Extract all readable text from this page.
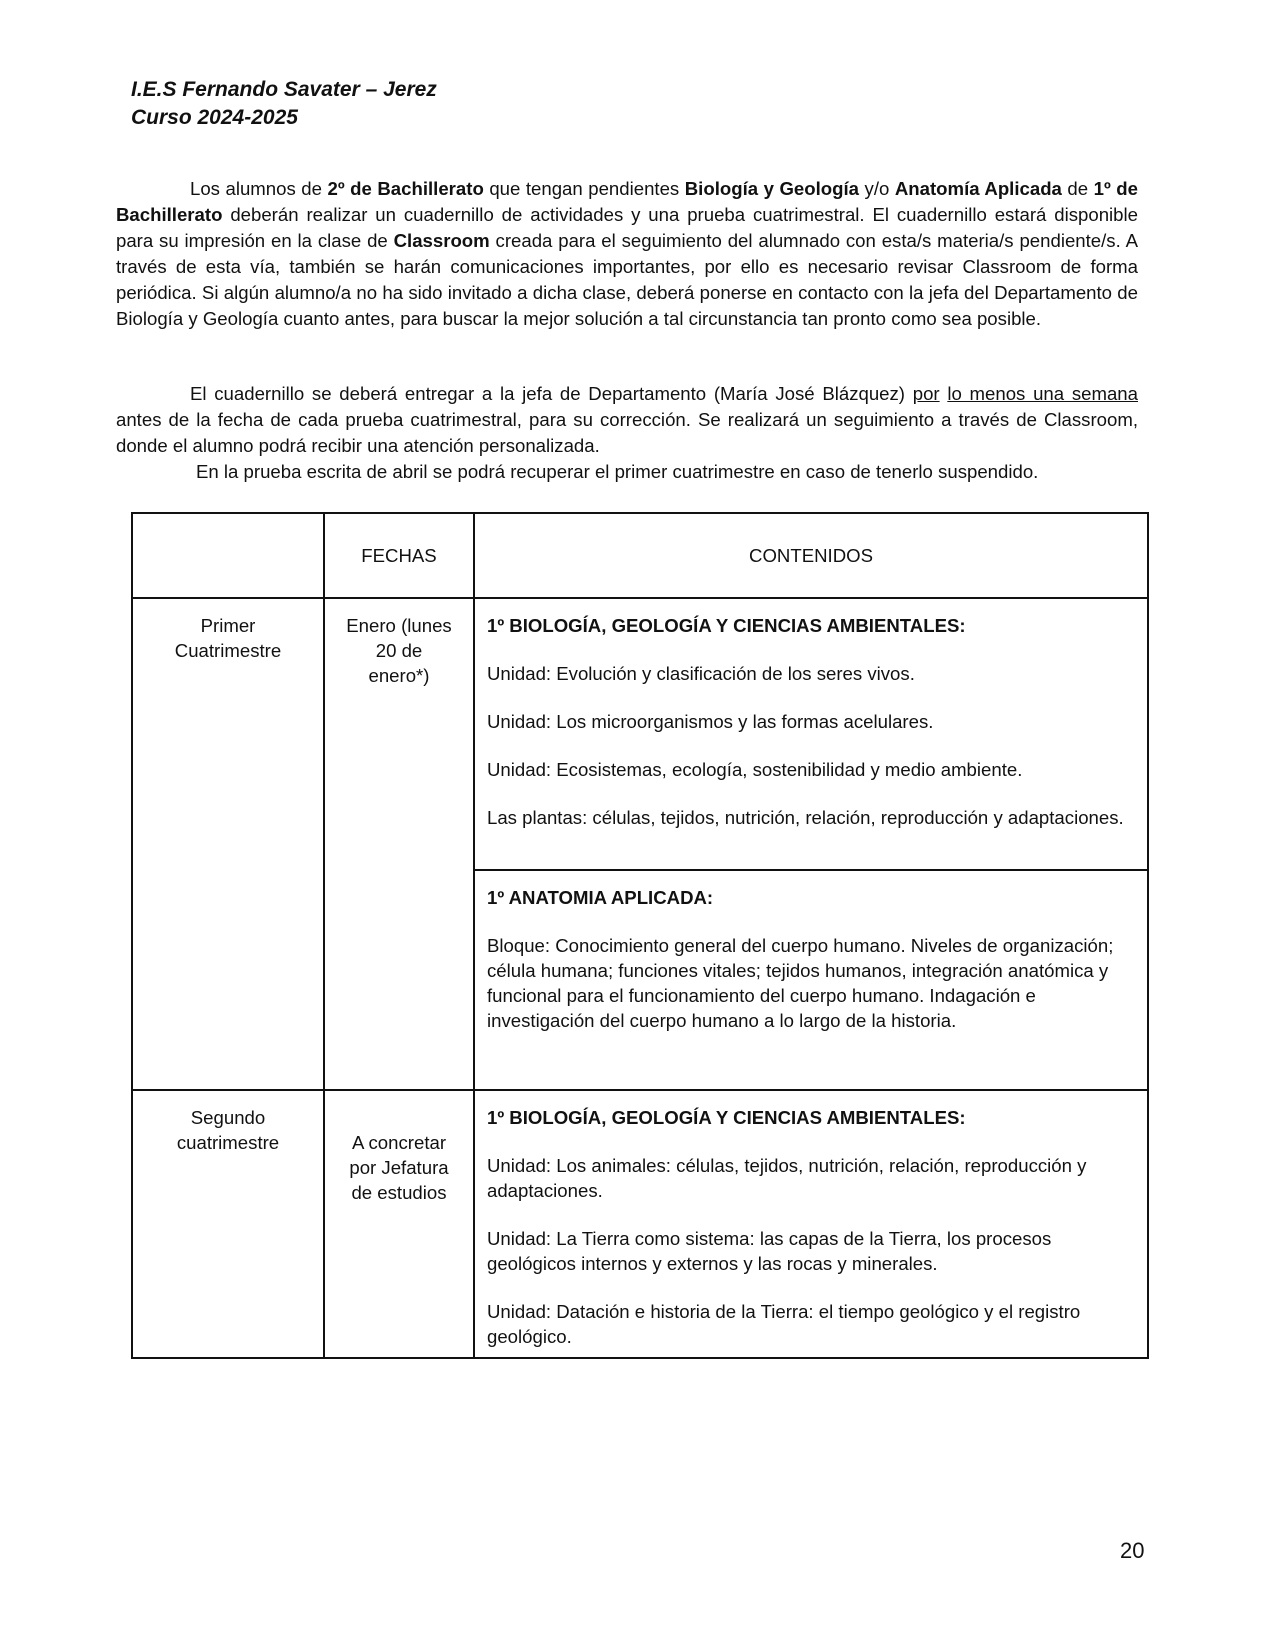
I.E.S Fernando Savater – Jerez
Curso 2024-2025
Los alumnos de 2º de Bachillerato que tengan pendientes Biología y Geología y/o Anatomía Aplicada de 1º de Bachillerato deberán realizar un cuadernillo de actividades y una prueba cuatrimestral. El cuadernillo estará disponible para su impresión en la clase de Classroom creada para el seguimiento del alumnado con esta/s materia/s pendiente/s. A través de esta vía, también se harán comunicaciones importantes, por ello es necesario revisar Classroom de forma periódica. Si algún alumno/a no ha sido invitado a dicha clase, deberá ponerse en contacto con la jefa del Departamento de Biología y Geología cuanto antes, para buscar la mejor solución a tal circunstancia tan pronto como sea posible.
El cuadernillo se deberá entregar a la jefa de Departamento (María José Blázquez) por lo menos una semana antes de la fecha de cada prueba cuatrimestral, para su corrección. Se realizará un seguimiento a través de Classroom, donde el alumno podrá recibir una atención personalizada.
En la prueba escrita de abril se podrá recuperar el primer cuatrimestre en caso de tenerlo suspendido.
	FECHAS	CONTENIDOS

Primer Cuatrimestre	Enero (lunes 20 de enero*)	1º BIOLOGÍA, GEOLOGÍA Y CIENCIAS AMBIENTALES:

Unidad: Evolución y clasificación de los seres vivos.

Unidad: Los microorganismos y las formas acelulares.

Unidad: Ecosistemas, ecología, sostenibilidad y medio ambiente.

Las plantas: células, tejidos, nutrición, relación, reproducción y adaptaciones.

		1º ANATOMIA APLICADA:

Bloque: Conocimiento general del cuerpo humano. Niveles de organización; célula humana; funciones vitales; tejidos humanos, integración anatómica y funcional para el funcionamiento del cuerpo humano. Indagación e investigación del cuerpo humano a lo largo de la historia.

Segundo cuatrimestre	A concretar por Jefatura de estudios	1º BIOLOGÍA, GEOLOGÍA Y CIENCIAS AMBIENTALES:

Unidad: Los animales: células, tejidos, nutrición, relación, reproducción y adaptaciones.

Unidad: La Tierra como sistema: las capas de la Tierra, los procesos geológicos internos y externos y las rocas y minerales.

Unidad: Datación e historia de la Tierra: el tiempo geológico y el registro geológico.

20
